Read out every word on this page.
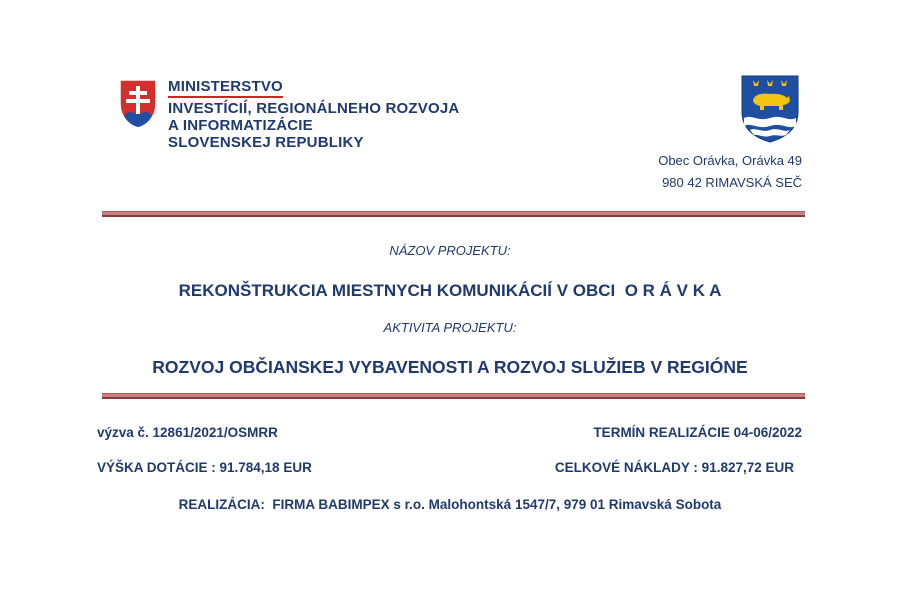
MINISTERSTVO
INVESTÍCIÍ, REGIONÁLNEHO ROZVOJA
A INFORMATIZÁCIE
SLOVENSKEJ REPUBLIKY
Obec Orávka, Orávka 49
980 42 RIMAVSKÁ SEČ
NÁZOV PROJEKTU:
REKONŠTRUKCIA MIESTNYCH KOMUNIKÁCIÍ V OBCI  O R Á V K A
AKTIVITA PROJEKTU:
ROZVOJ OBČIANSKEJ VYBAVENOSTI A ROZVOJ SLUŽIEB V REGIÓNE
výzva č. 12861/2021/OSMRR	TERMÍN REALIZÁCIE 04-06/2022
VÝŠKA DOTÁCIE : 91.784,18 EUR	CELKOVÉ NÁKLADY : 91.827,72 EUR
REALIZÁCIA:  FIRMA BABIMPEX s r.o. Malohontská 1547/7, 979 01 Rimavská Sobota
